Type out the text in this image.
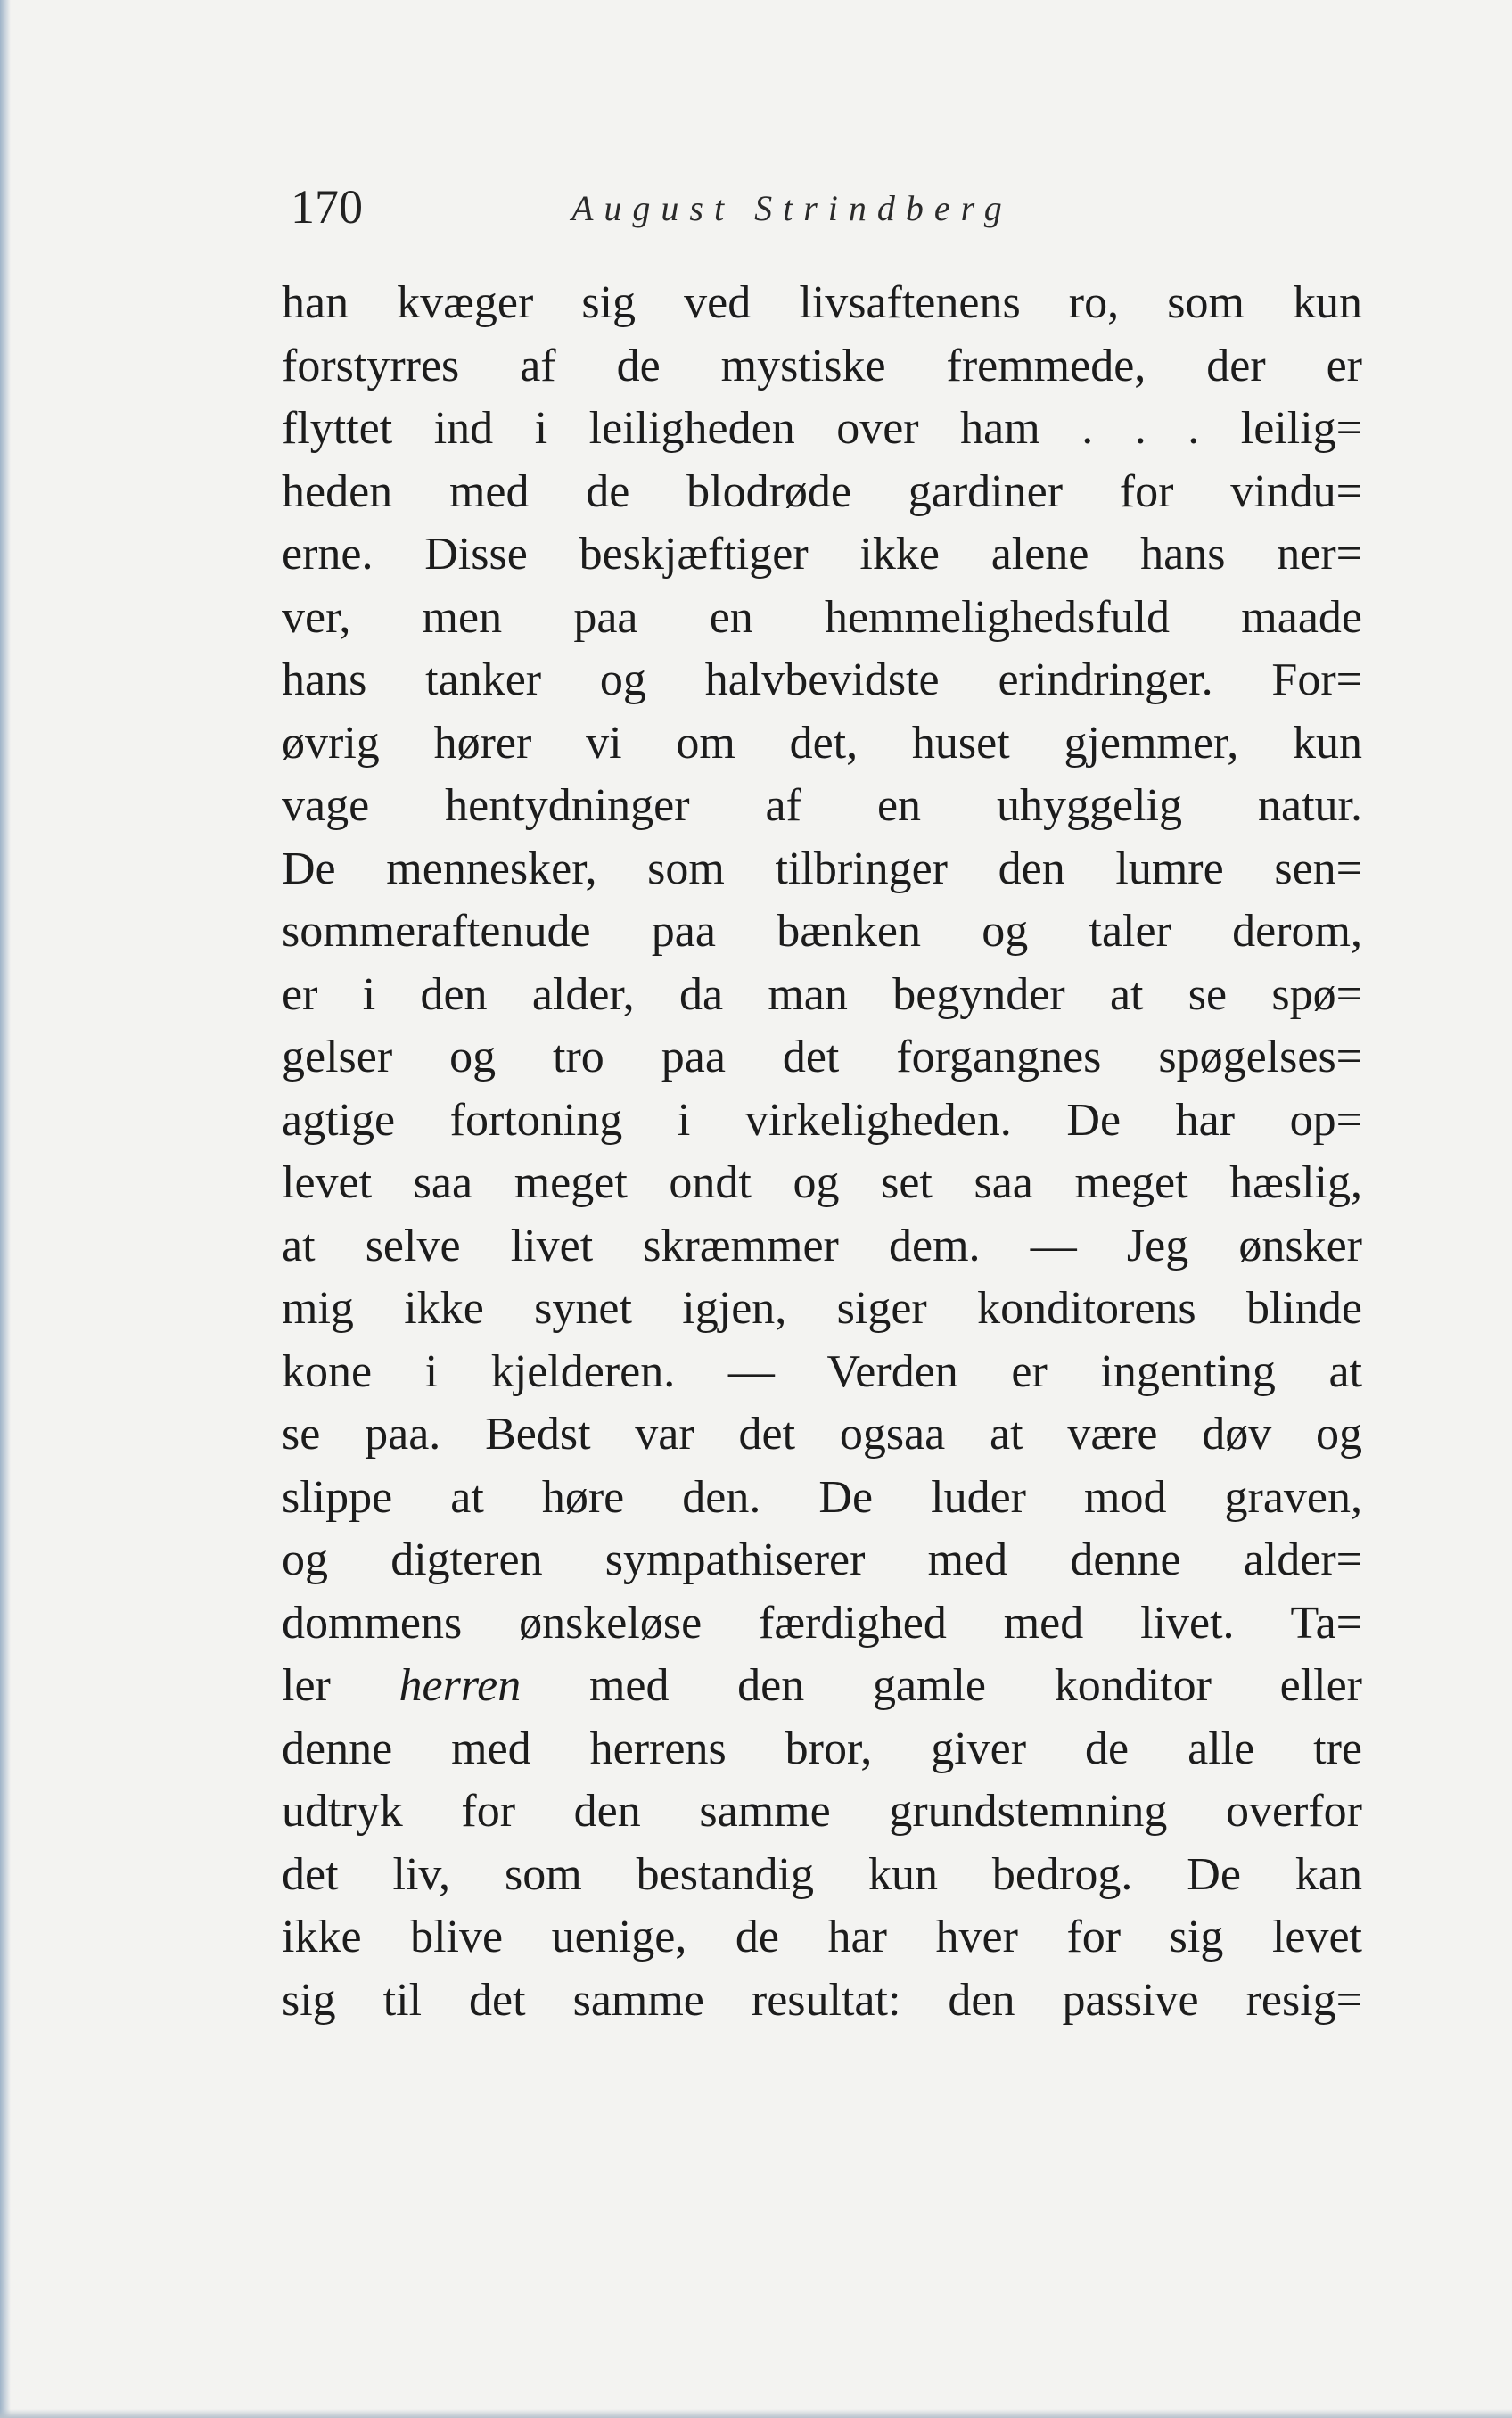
170	August Strindberg
han kvæger sig ved livsaftenens ro, som kun
forstyrres af de mystiske fremmede, der er
flyttet ind i leiligheden over ham . . . leilig=
heden med de blodrøde gardiner for vindu=
erne. Disse beskjæftiger ikke alene hans ner=
ver, men paa en hemmelighedsfuld maade
hans tanker og halvbevidste erindringer. For=
øvrig hører vi om det, huset gjemmer, kun
vage hentydninger af en uhyggelig natur.
De mennesker, som tilbringer den lumre sen=
sommeraftenude paa bænken og taler derom,
er i den alder, da man begynder at se spø=
gelser og tro paa det forgangnes spøgelses=
agtige fortoning i virkeligheden. De har op=
levet saa meget ondt og set saa meget hæslig,
at selve livet skræmmer dem. — Jeg ønsker
mig ikke synet igjen, siger konditorens blinde
kone i kjelderen. — Verden er ingenting at
se paa. Bedst var det ogsaa at være døv og
slippe at høre den. De luder mod graven,
og digteren sympathiserer med denne alder=
dommens ønskeløse færdighed med livet. Ta=
ler herren med den gamle konditor eller
denne med herrens bror, giver de alle tre
udtryk for den samme grundstemning overfor
det liv, som bestandig kun bedrog. De kan
ikke blive uenige, de har hver for sig levet
sig til det samme resultat: den passive resig=
